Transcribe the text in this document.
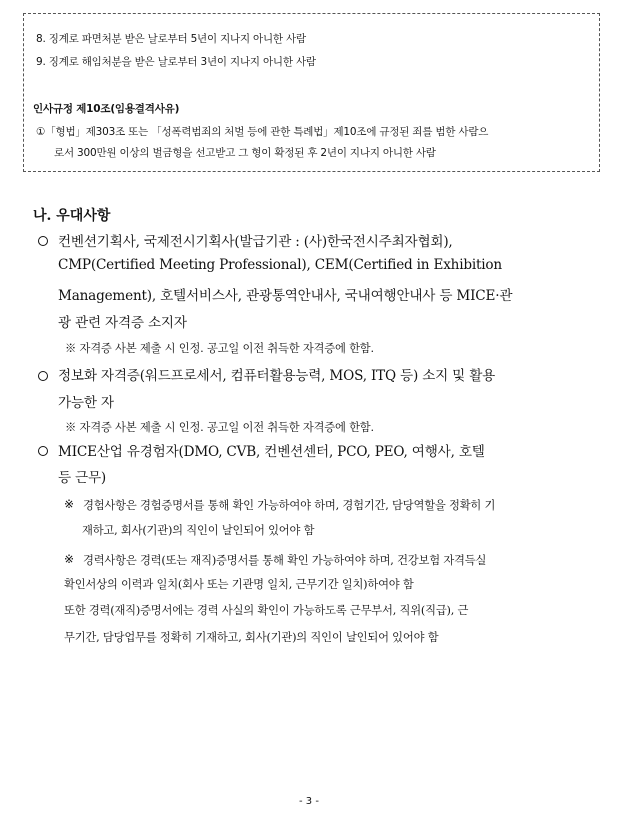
8. 징계로 파면처분 받은 날로부터 5년이 지나지 아니한 사람
9. 징계로 해임처분을 받은 날로부터 3년이 지나지 아니한 사람
인사규정 제10조(임용결격사유)
①「형법」제303조 또는 「성폭력범죄의 처벌 등에 관한 특례법」제10조에 규정된 죄를 범한 사람으
로서 300만원 이상의 벌금형을 선고받고 그 형이 확정된 후 2년이 지나지 아니한 사람
나. 우대사항
컨벤션기획사, 국제전시기획사(발급기관 : (사)한국전시주최자협회),
CMP(Certified Meeting Professional), CEM(Certified in Exhibition
Management), 호텔서비스사, 관광통역안내사, 국내여행안내사 등 MICE·관
광 관련 자격증 소지자
※ 자격증 사본 제출 시 인정. 공고일 이전 취득한 자격증에 한함.
정보화 자격증(워드프로세서, 컴퓨터활용능력, MOS, ITQ 등) 소지 및 활용
가능한 자
※ 자격증 사본 제출 시 인정. 공고일 이전 취득한 자격증에 한함.
MICE산업 유경험자(DMO, CVB, 컨벤션센터, PCO, PEO, 여행사, 호텔
등 근무)
※ 경험사항은 경험증명서를 통해 확인 가능하여야 하며, 경험기간, 담당역할을 정확히 기
재하고, 회사(기관)의 직인이 날인되어 있어야 함
※ 경력사항은 경력(또는 재직)증명서를 통해 확인 가능하여야 하며, 건강보험 자격득실
확인서상의 이력과 일치(회사 또는 기관명 일치, 근무기간 일치)하여야 함
또한 경력(재직)증명서에는 경력 사실의 확인이 가능하도록 근무부서, 직위(직급), 근
무기간, 담당업무를 정확히 기재하고, 회사(기관)의 직인이 날인되어 있어야 함
- 3 -
